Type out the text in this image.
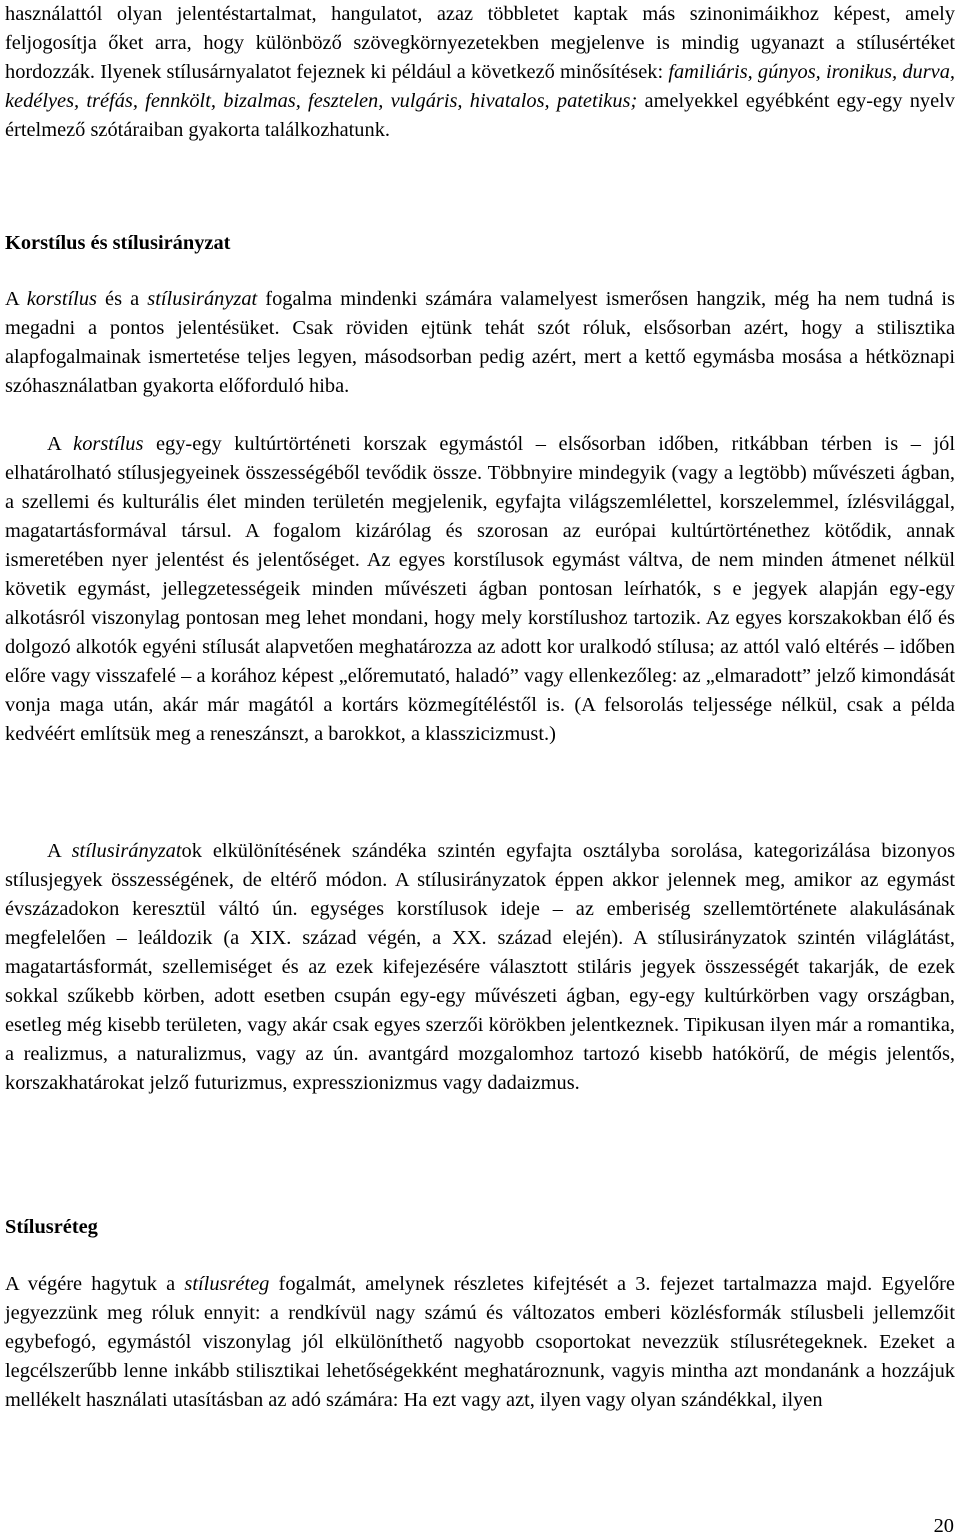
használattól olyan jelentéstartalmat, hangulatot, azaz többletet kaptak más szinonimáikhoz képest, amely feljogosítja őket arra, hogy különböző szövegkörnyezetekben megjelenve is mindig ugyanazt a stílusértéket hordozzák. Ilyenek stílusárnyalatot fejeznek ki például a következő minősítések: familiáris, gúnyos, ironikus, durva, kedélyes, tréfás, fennkölt, bizalmas, fesztelen, vulgáris, hivatalos, patetikus; amelyekkel egyébként egy-egy nyelv értelmező szótáraiban gyakorta találkozhatunk.

Korstílus és stílusirányzat

A korstílus és a stílusirányzat fogalma mindenki számára valamelyest ismerősen hangzik, még ha nem tudná is megadni a pontos jelentésüket. Csak röviden ejtünk tehát szót róluk, elsősorban azért, hogy a stilisztika alapfogalmainak ismertetése teljes legyen, másodsorban pedig azért, mert a kettő egymásba mosása a hétköznapi szóhasználatban gyakorta előforduló hiba.

A korstílus egy-egy kultúrtörténeti korszak egymástól – elsősorban időben, ritkábban térben is – jól elhatárolható stílusjegyeinek összességéből tevődik össze. Többnyire mindegyik (vagy a legtöbb) művészeti ágban, a szellemi és kulturális élet minden területén megjelenik, egyfajta világszemlélettel, korszelemmel, ízlésvilággal, magatartásformával társul. A fogalom kizárólag és szorosan az európai kultúrtörténethez kötődik, annak ismeretében nyer jelentést és jelentőséget. Az egyes korstílusok egymást váltva, de nem minden átmenet nélkül követik egymást, jellegzetességeik minden művészeti ágban pontosan leírhatók, s e jegyek alapján egy-egy alkotásról viszonylag pontosan meg lehet mondani, hogy mely korstílushoz tartozik. Az egyes korszakokban élő és dolgozó alkotók egyéni stílusát alapvetően meghatározza az adott kor uralkodó stílusa; az attól való eltérés – időben előre vagy visszafelé – a korához képest „előremutató, haladó” vagy ellenkezőleg: az „elmaradott” jelző kimondását vonja maga után, akár már magától a kortárs közmegítéléstől is. (A felsorolás teljessége nélkül, csak a példa kedvéért említsük meg a reneszánszt, a barokkot, a klasszicizmust.)

A stílusirányzatok elkülönítésének szándéka szintén egyfajta osztályba sorolása, kategorizálása bizonyos stílusjegyek összességének, de eltérő módon. A stílusirányzatok éppen akkor jelennek meg, amikor az egymást évszázadokon keresztül váltó ún. egységes korstílusok ideje – az emberiség szellemtörténete alakulásának megfelelően – leáldozik (a XIX. század végén, a XX. század elején). A stílusirányzatok szintén világlátást, magatartásformát, szellemiséget és az ezek kifejezésére választott stiláris jegyek összességét takarják, de ezek sokkal szűkebb körben, adott esetben csupán egy-egy művészeti ágban, egy-egy kultúrkörben vagy országban, esetleg még kisebb területen, vagy akár csak egyes szerzői körökben jelentkeznek. Tipikusan ilyen már a romantika, a realizmus, a naturalizmus, vagy az ún. avantgárd mozgalomhoz tartozó kisebb hatókörű, de mégis jelentős, korszakhatárokat jelző futurizmus, expresszionizmus vagy dadaizmus.

Stílusréteg

A végére hagytuk a stílusréteg fogalmát, amelynek részletes kifejtését a 3. fejezet tartalmazza majd. Egyelőre jegyezzünk meg róluk ennyit: a rendkívül nagy számú és változatos emberi közlésformák stílusbeli jellemzőit egybefogó, egymástól viszonylag jól elkülöníthető nagyobb csoportokat nevezzük stílusrétegeknek. Ezeket a legcélszerűbb lenne inkább stilisztikai lehetőségekként meghatároznunk, vagyis mintha azt mondanánk a hozzájuk mellékelt használati utasításban az adó számára: Ha ezt vagy azt, ilyen vagy olyan szándékkal, ilyen

20
